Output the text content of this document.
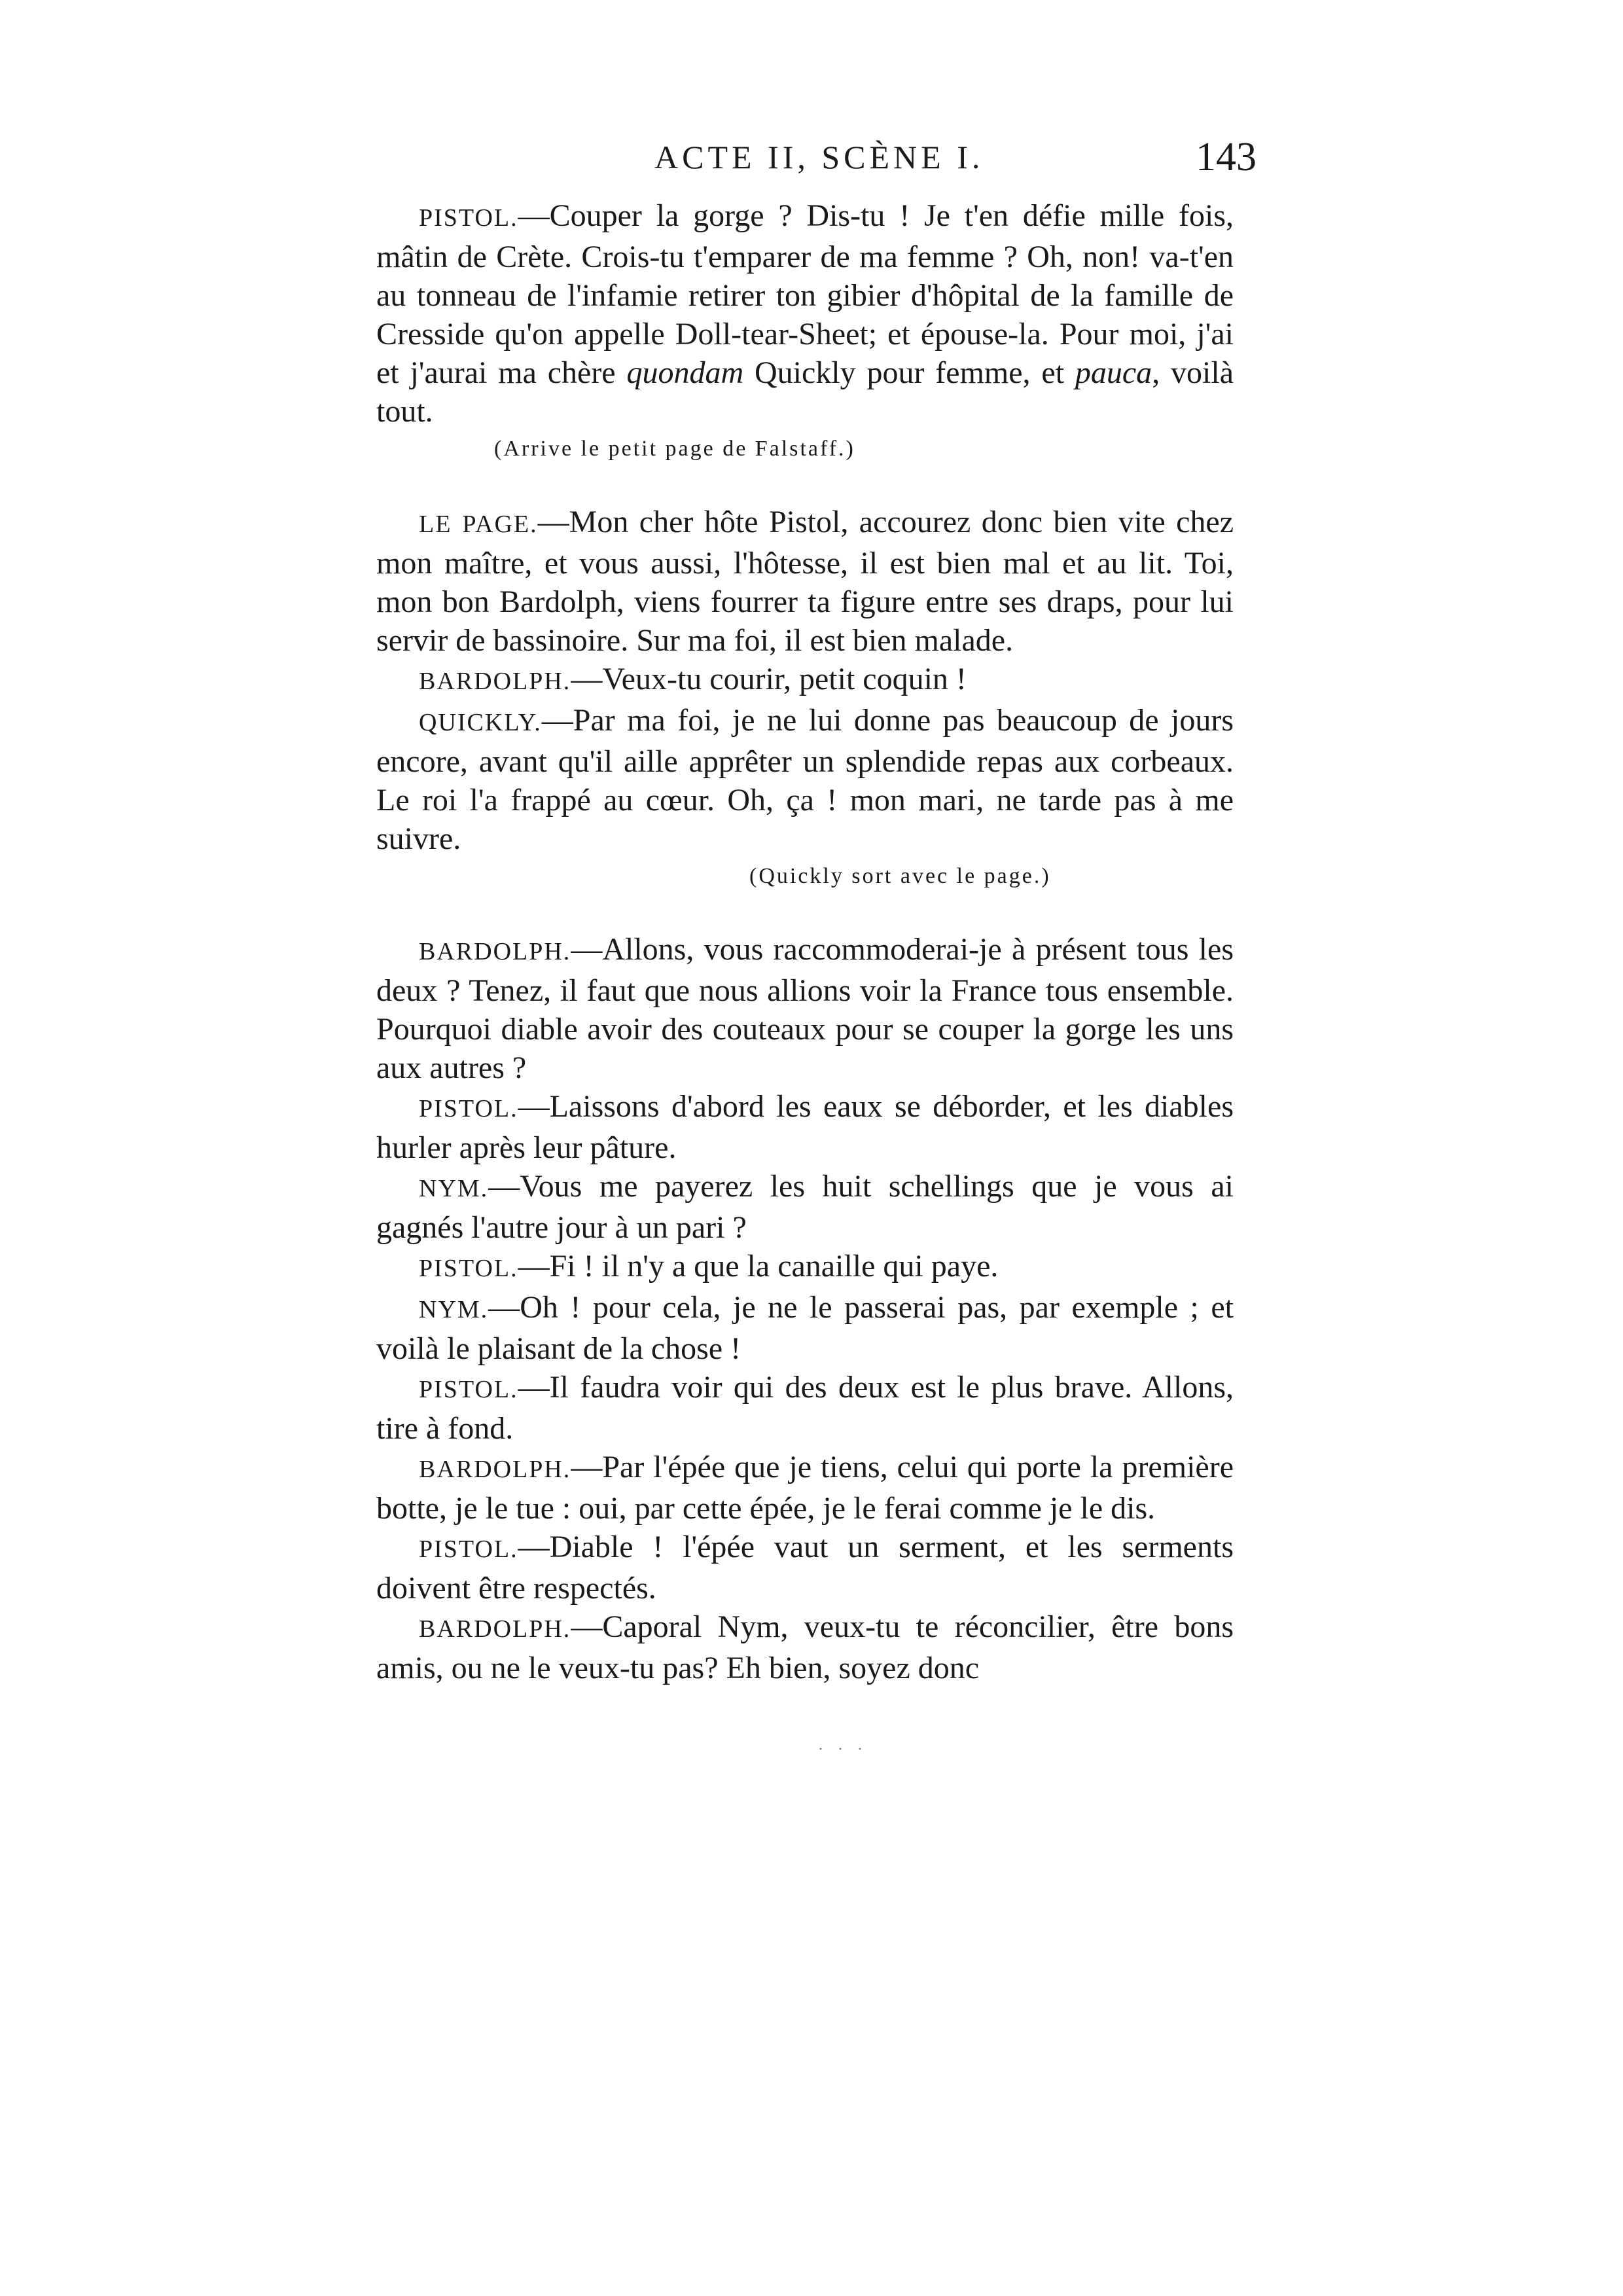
ACTE II, SCÈNE I.	143

PISTOL.—Couper la gorge ? Dis-tu ! Je t'en défie mille fois, mâtin de Crète. Crois-tu t'emparer de ma femme ? Oh, non! va-t'en au tonneau de l'infamie retirer ton gibier d'hôpital de la famille de Cresside qu'on appelle Doll-tear-Sheet; et épouse-la. Pour moi, j'ai et j'aurai ma chère quondam Quickly pour femme, et pauca, voilà tout.

(Arrive le petit page de Falstaff.)

LE PAGE.—Mon cher hôte Pistol, accourez donc bien vite chez mon maître, et vous aussi, l'hôtesse, il est bien mal et au lit. Toi, mon bon Bardolph, viens fourrer ta figure entre ses draps, pour lui servir de bassinoire. Sur ma foi, il est bien malade.

BARDOLPH.—Veux-tu courir, petit coquin !

QUICKLY.—Par ma foi, je ne lui donne pas beaucoup de jours encore, avant qu'il aille apprêter un splendide repas aux corbeaux. Le roi l'a frappé au cœur. Oh, ça ! mon mari, ne tarde pas à me suivre.

(Quickly sort avec le page.)

BARDOLPH.—Allons, vous raccommoderai-je à présent tous les deux ? Tenez, il faut que nous allions voir la France tous ensemble. Pourquoi diable avoir des couteaux pour se couper la gorge les uns aux autres ?

PISTOL.—Laissons d'abord les eaux se déborder, et les diables hurler après leur pâture.

NYM.—Vous me payerez les huit schellings que je vous ai gagnés l'autre jour à un pari ?

PISTOL.—Fi ! il n'y a que la canaille qui paye.

NYM.—Oh ! pour cela, je ne le passerai pas, par exemple ; et voilà le plaisant de la chose !

PISTOL.—Il faudra voir qui des deux est le plus brave. Allons, tire à fond.

BARDOLPH.—Par l'épée que je tiens, celui qui porte la première botte, je le tue : oui, par cette épée, je le ferai comme je le dis.

PISTOL.—Diable ! l'épée vaut un serment, et les serments doivent être respectés.

BARDOLPH.—Caporal Nym, veux-tu te réconcilier, être bons amis, ou ne le veux-tu pas? Eh bien, soyez donc

· · ·
